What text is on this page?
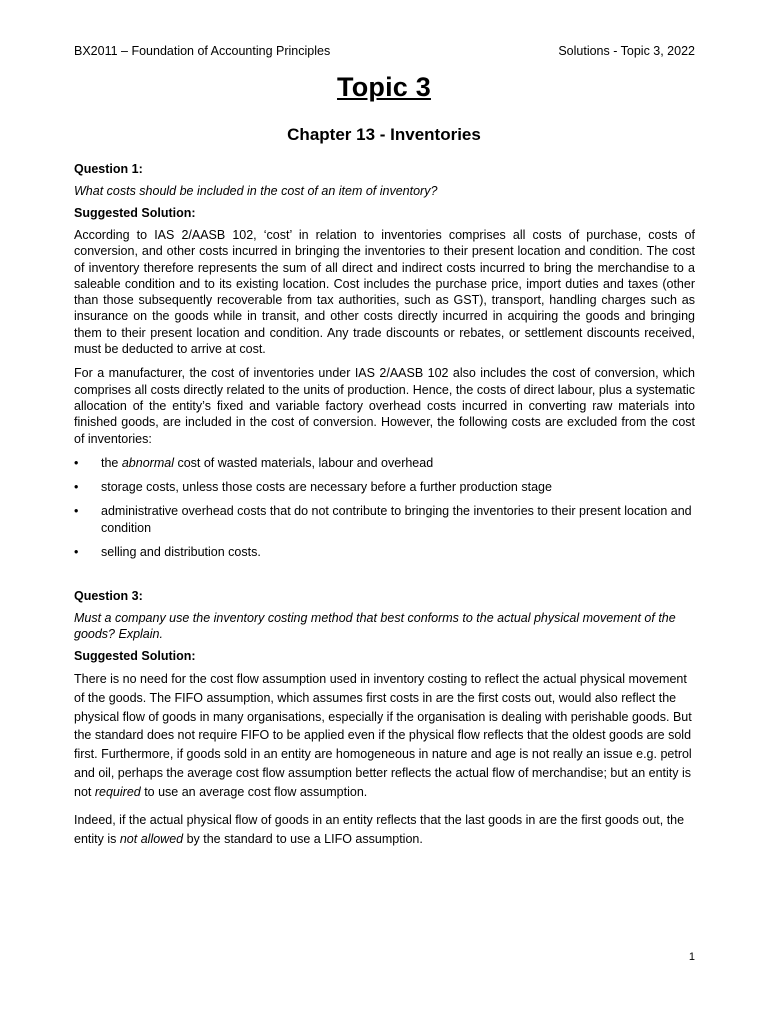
BX2011 – Foundation of Accounting Principles	Solutions - Topic 3, 2022
Topic 3
Chapter 13 - Inventories
Question 1:
What costs should be included in the cost of an item of inventory?
Suggested Solution:

According to IAS 2/AASB 102, ‘cost’ in relation to inventories comprises all costs of purchase, costs of conversion, and other costs incurred in bringing the inventories to their present location and condition. The cost of inventory therefore represents the sum of all direct and indirect costs incurred to bring the merchandise to a saleable condition and to its existing location. Cost includes the purchase price, import duties and taxes (other than those subsequently recoverable from tax authorities, such as GST), transport, handling charges such as insurance on the goods while in transit, and other costs directly incurred in acquiring the goods and bringing them to their present location and condition. Any trade discounts or rebates, or settlement discounts received, must be deducted to arrive at cost.

For a manufacturer, the cost of inventories under IAS 2/AASB 102 also includes the cost of conversion, which comprises all costs directly related to the units of production. Hence, the costs of direct labour, plus a systematic allocation of the entity’s fixed and variable factory overhead costs incurred in converting raw materials into finished goods, are included in the cost of conversion. However, the following costs are excluded from the cost of inventories:

• the abnormal cost of wasted materials, labour and overhead
• storage costs, unless those costs are necessary before a further production stage
• administrative overhead costs that do not contribute to bringing the inventories to their present location and condition
• selling and distribution costs.
Question 3:
Must a company use the inventory costing method that best conforms to the actual physical movement of the goods? Explain.
Suggested Solution:

There is no need for the cost flow assumption used in inventory costing to reflect the actual physical movement of the goods. The FIFO assumption, which assumes first costs in are the first costs out, would also reflect the physical flow of goods in many organisations, especially if the organisation is dealing with perishable goods. But the standard does not require FIFO to be applied even if the physical flow reflects that the oldest goods are sold first. Furthermore, if goods sold in an entity are homogeneous in nature and age is not really an issue e.g. petrol and oil, perhaps the average cost flow assumption better reflects the actual flow of merchandise; but an entity is not required to use an average cost flow assumption.

Indeed, if the actual physical flow of goods in an entity reflects that the last goods in are the first goods out, the entity is not allowed by the standard to use a LIFO assumption.

1
